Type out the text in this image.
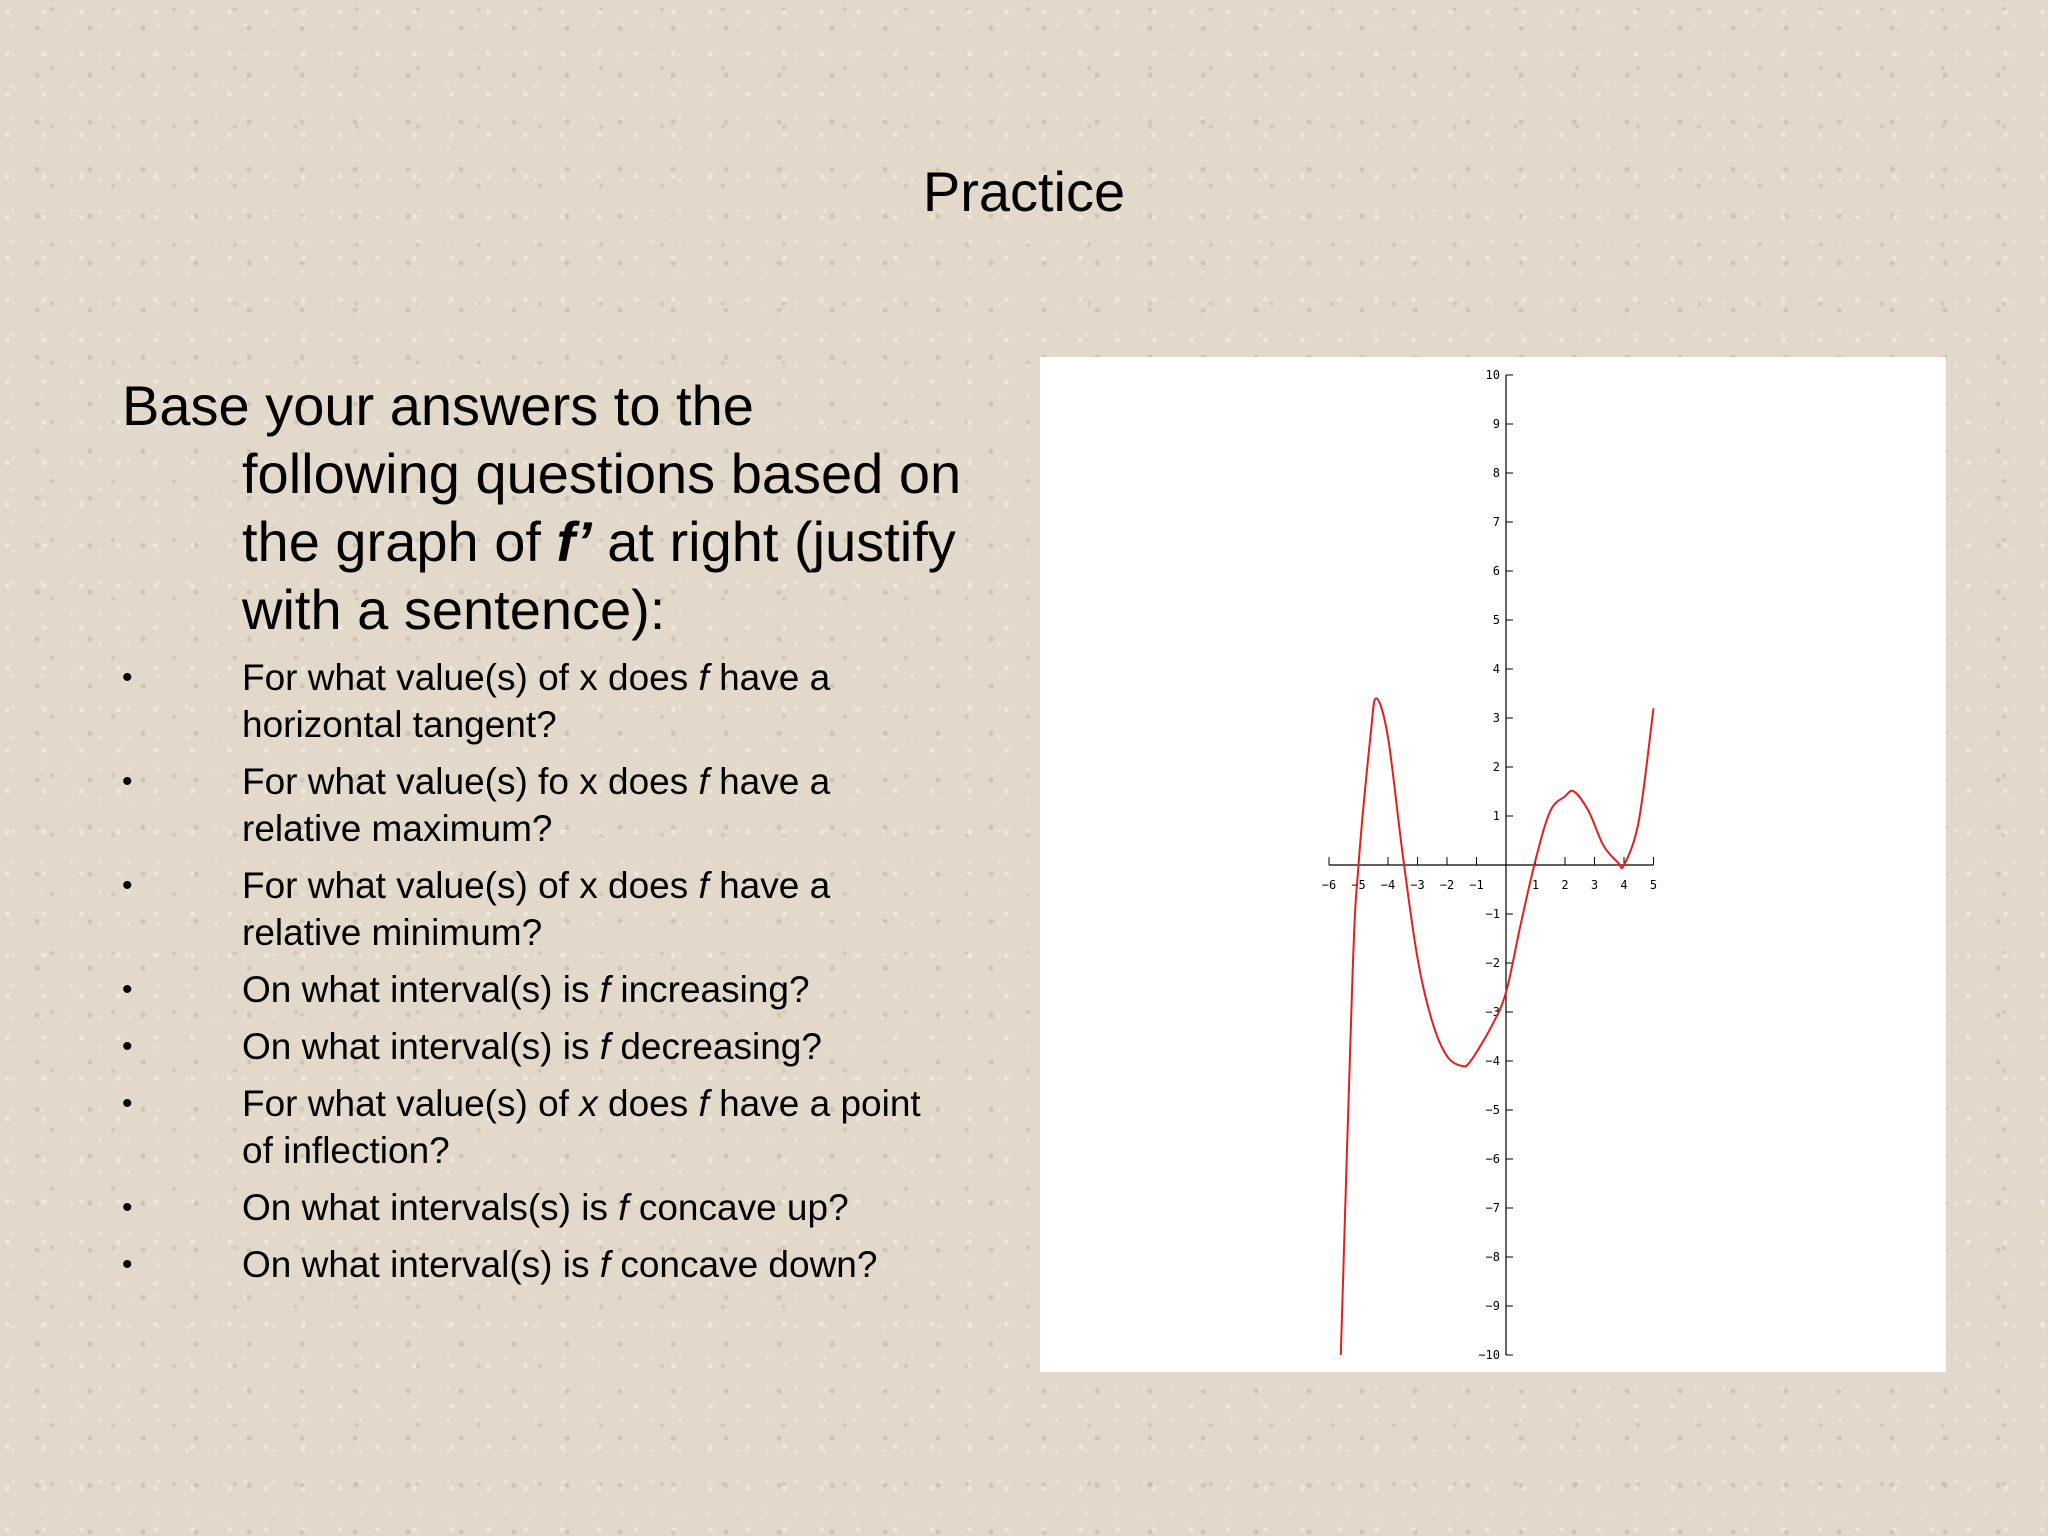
Practice
Base your answers to the
following questions based on
the graph of f’ at right (justify
with a sentence):
•	For what value(s) of x does f have a
horizontal tangent?
•	For what value(s) fo x does f have a
relative maximum?
•	For what value(s) of x does f have a
relative minimum?
•	On what interval(s) is f increasing?
•	On what interval(s) is f decreasing?
•	For what value(s) of x does f have a point
of inflection?
•	On what intervals(s) is f concave up?
•	On what interval(s) is f concave down?
−6 −5 −4 −3 −2 −1	1 2 3 4 5
10
9
8
7
6
5
4
3
2
1
−1
−2
−3
−4
−5
−6
−7
−8
−9
−10
